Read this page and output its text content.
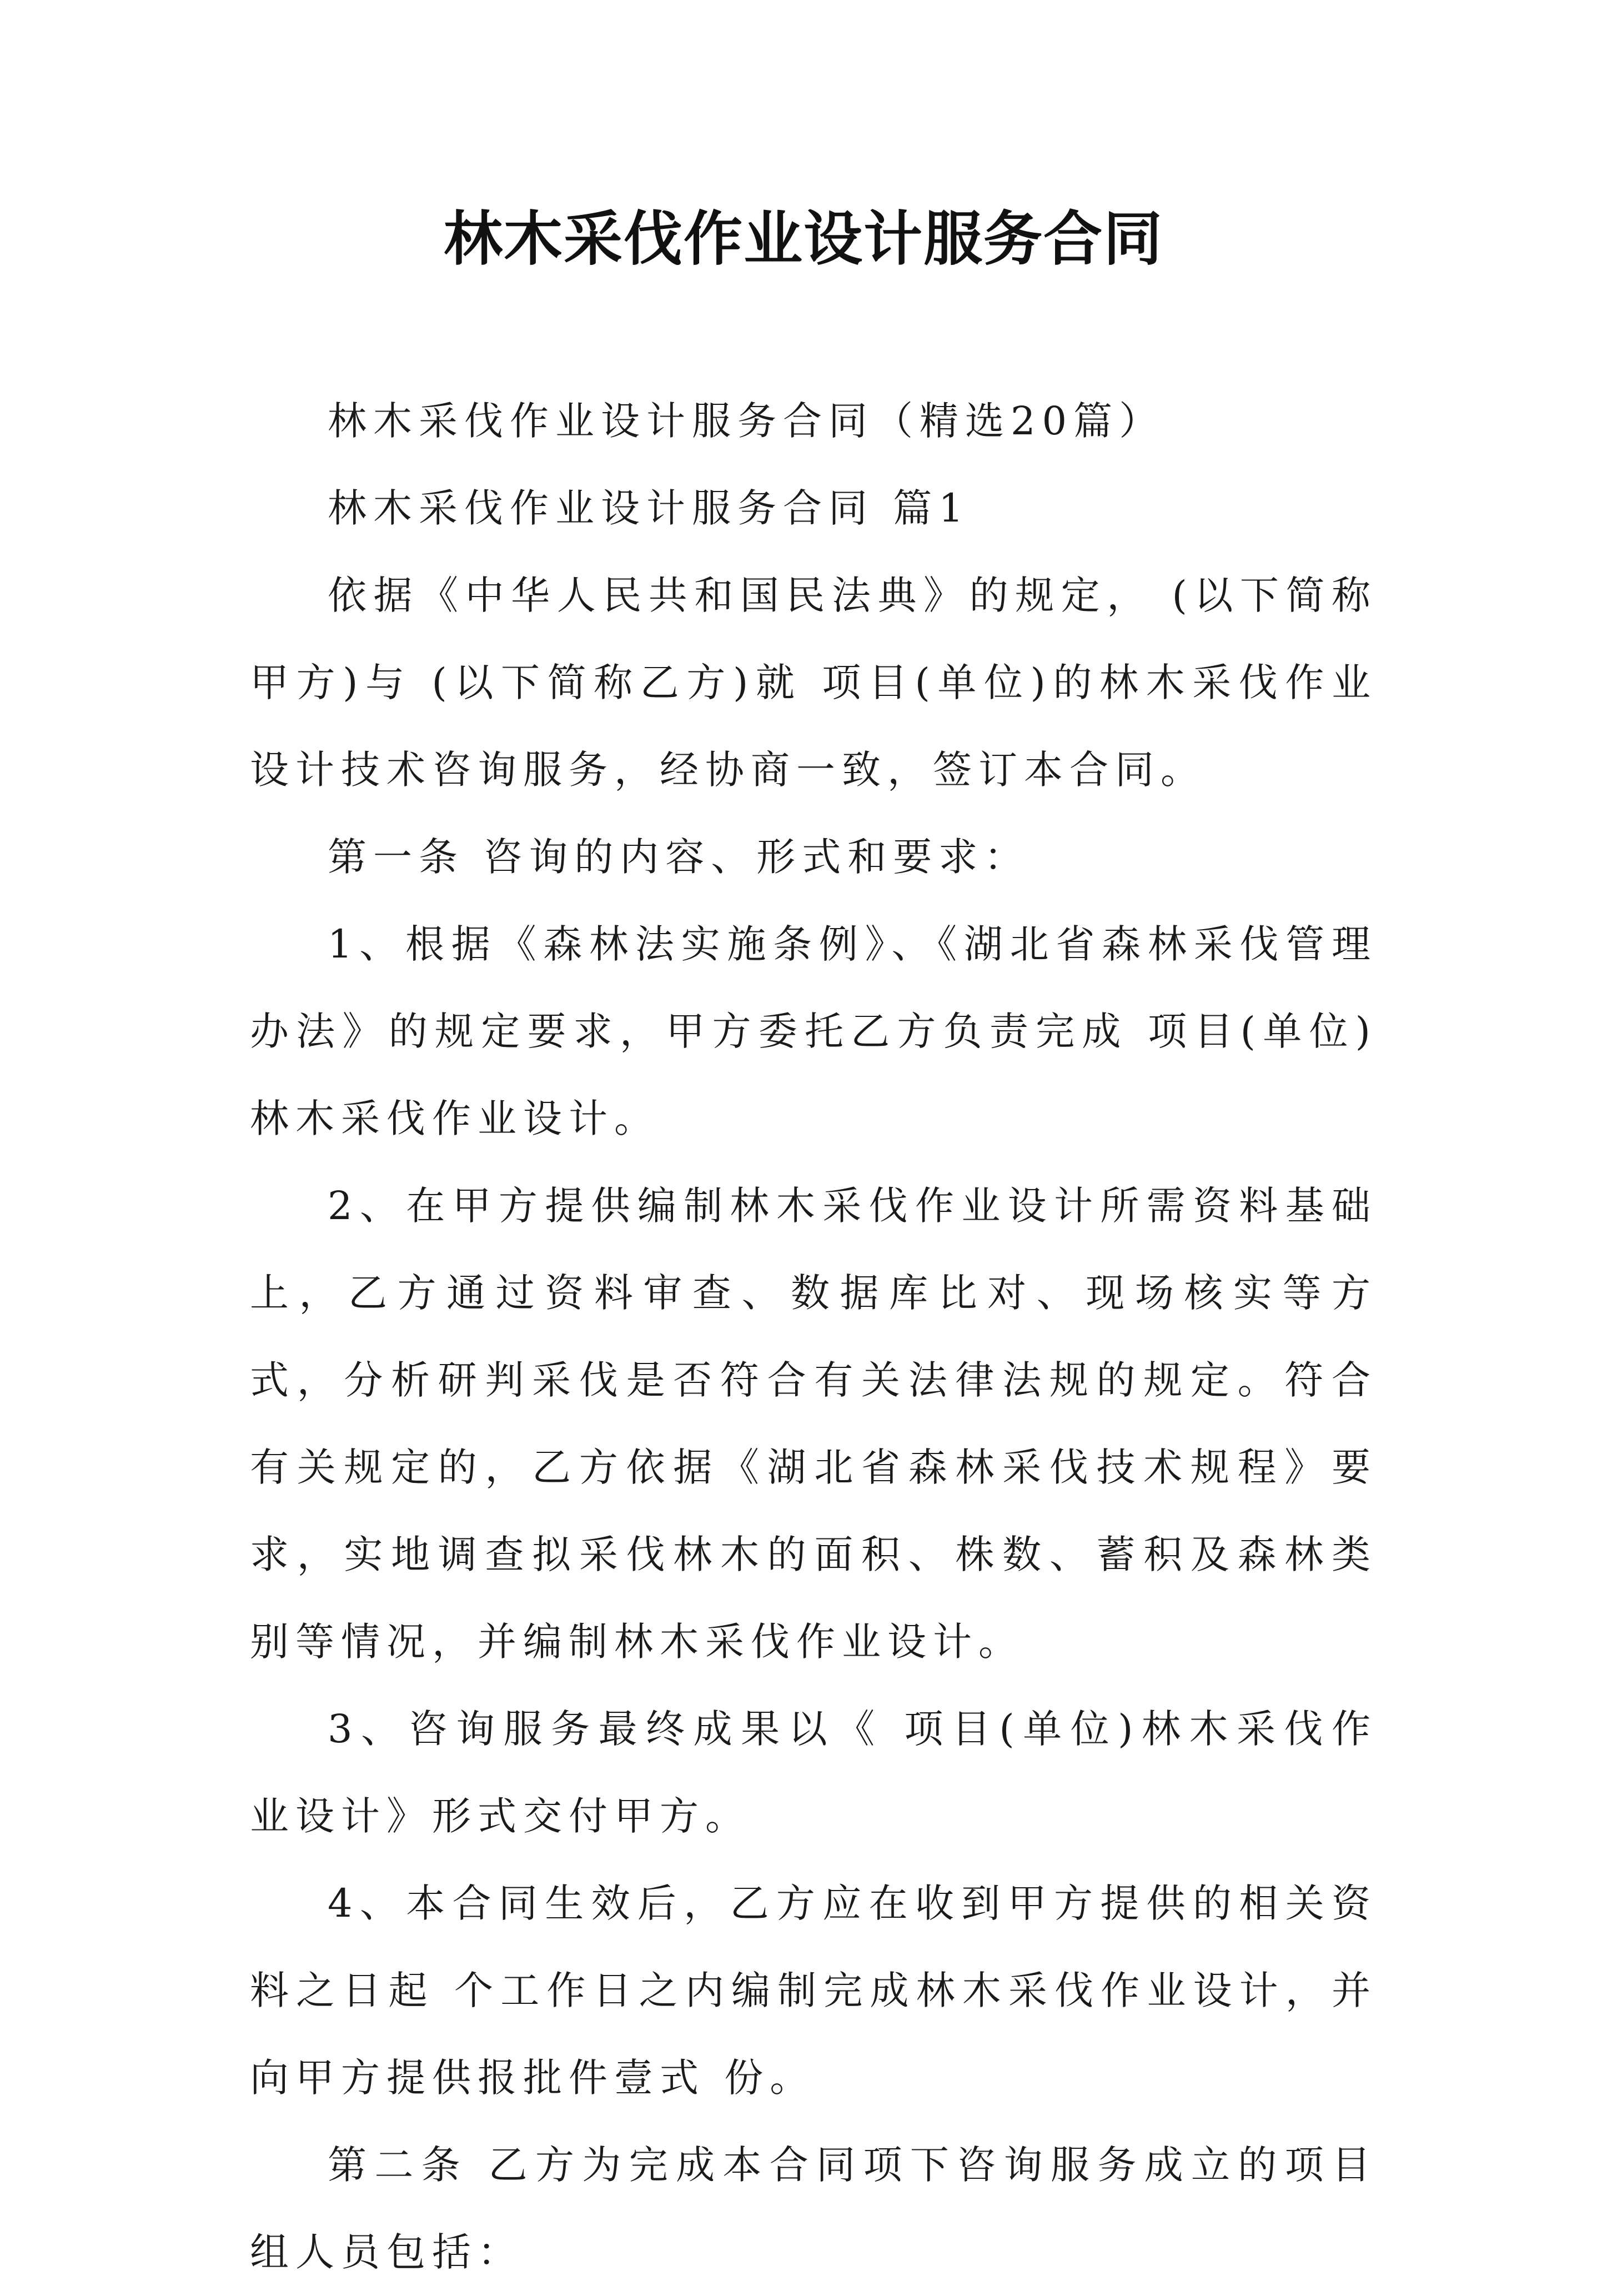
林木采伐作业设计服务合同

林木采伐作业设计服务合同（精选20篇）

林木采伐作业设计服务合同 篇1

依据《中华人民共和国民法典》的规定， (以下简称甲方)与 (以下简称乙方)就 项目(单位)的林木采伐作业设计技术咨询服务，经协商一致，签订本合同。

第一条 咨询的内容、形式和要求：

1、根据《森林法实施条例》、《湖北省森林采伐管理办法》的规定要求，甲方委托乙方负责完成 项目(单位)林木采伐作业设计。

2、在甲方提供编制林木采伐作业设计所需资料基础上，乙方通过资料审查、数据库比对、现场核实等方式，分析研判采伐是否符合有关法律法规的规定。符合有关规定的，乙方依据《湖北省森林采伐技术规程》要求，实地调查拟采伐林木的面积、株数、蓄积及森林类别等情况，并编制林木采伐作业设计。

3、咨询服务最终成果以《 项目(单位)林木采伐作业设计》形式交付甲方。

4、本合同生效后，乙方应在收到甲方提供的相关资料之日起 个工作日之内编制完成林木采伐作业设计，并向甲方提供报批件壹式 份。

第二条 乙方为完成本合同项下咨询服务成立的项目组人员包括：
